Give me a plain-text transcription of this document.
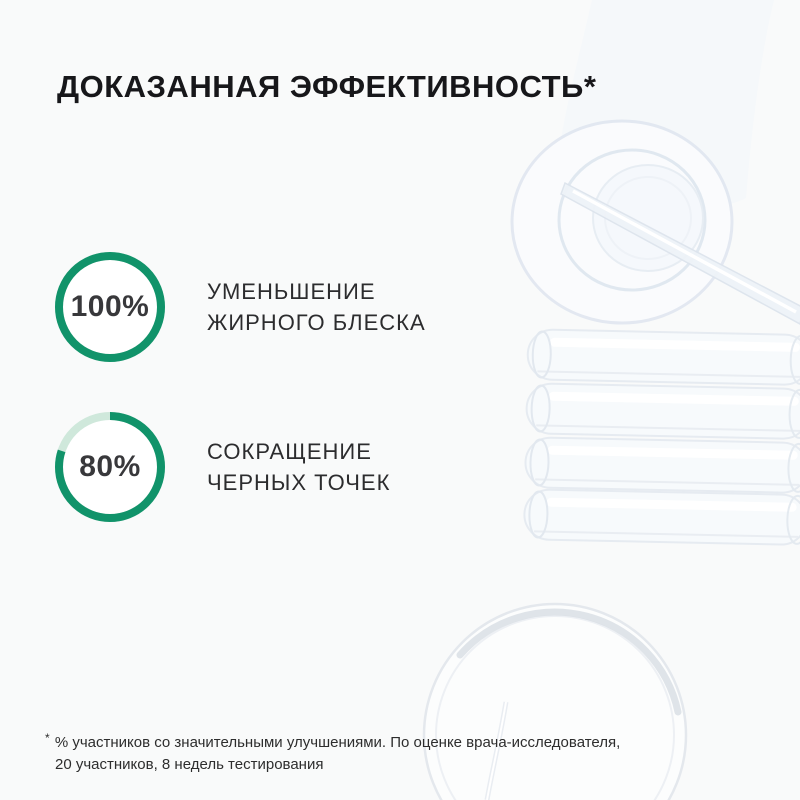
ДОКАЗАННАЯ ЭФФЕКТИВНОСТЬ*
100%	УМЕНЬШЕНИЕ
ЖИРНОГО БЛЕСКА
80%	СОКРАЩЕНИЕ
ЧЕРНЫХ ТОЧЕК
* % участников со значительными улучшениями. По оценке врача-исследователя,
20 участников, 8 недель тестирования
